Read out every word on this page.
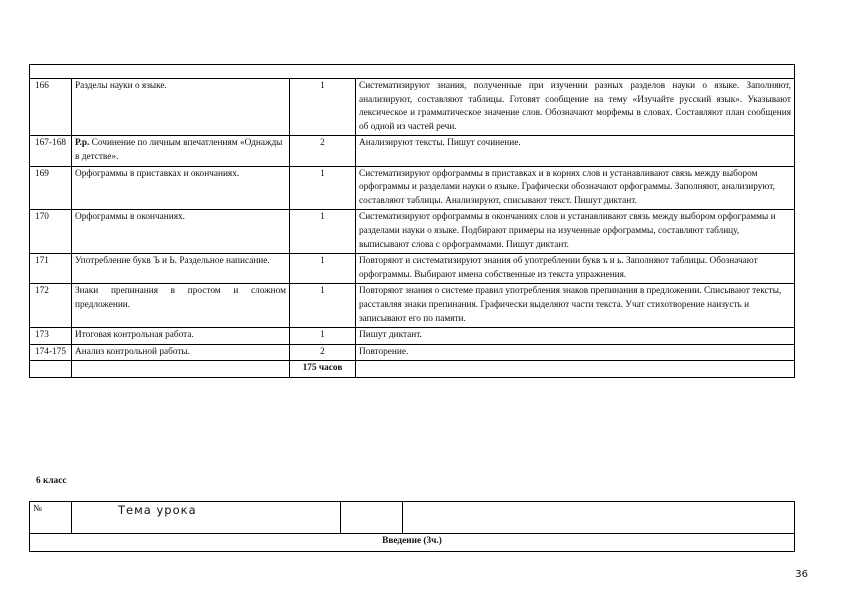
166	Разделы науки о языке.	1	Систематизируют знания, полученные при изучении разных разделов науки о языке. Заполняют, анализируют, составляют таблицы. Готовят сообщение на тему «Изучайте русский язык». Указывают лексическое и грамматическое значение слов. Обозначают морфемы в словах. Составляют план сообщения об одной из частей речи.
167-168	Р.р. Сочинение по личным впечатлениям «Однажды в детстве».	2	Анализируют тексты. Пишут сочинение.
169	Орфограммы в приставках и окончаниях.	1	Систематизируют орфограммы в приставках и в корнях слов и устанавливают связь между выбором орфограммы и разделами науки о языке. Графически обозначают орфограммы. Заполняют, анализируют, составляют таблицы. Анализируют, списывают текст. Пишут диктант.
170	Орфограммы в окончаниях.	1	Систематизируют орфограммы в окончаниях слов и устанавливают связь между выбором орфограммы и разделами науки о языке. Подбирают примеры на изученные орфограммы, составляют таблицу, выписывают слова с орфограммами. Пишут диктант.
171	Употребление букв Ъ и Ь. Раздельное написание.	1	Повторяют и систематизируют знания об употреблении букв ъ и ь. Заполняют таблицы. Обозначают орфограммы. Выбирают имена собственные из текста упражнения.
172	Знаки препинания в простом и сложном предложении.	1	Повторяют знания о системе правил употребления знаков препинания в предложении. Списывают тексты, расставляя знаки препинания. Графически выделяют части текста. Учат стихотворение наизусть и записывают его по памяти.
173	Итоговая контрольная работа.	1	Пишут диктант.
174-175	Анализ контрольной работы.	2	Повторение.
		175 часов	
6 класс
№	Тема урока		
Введение (3ч.)
36
